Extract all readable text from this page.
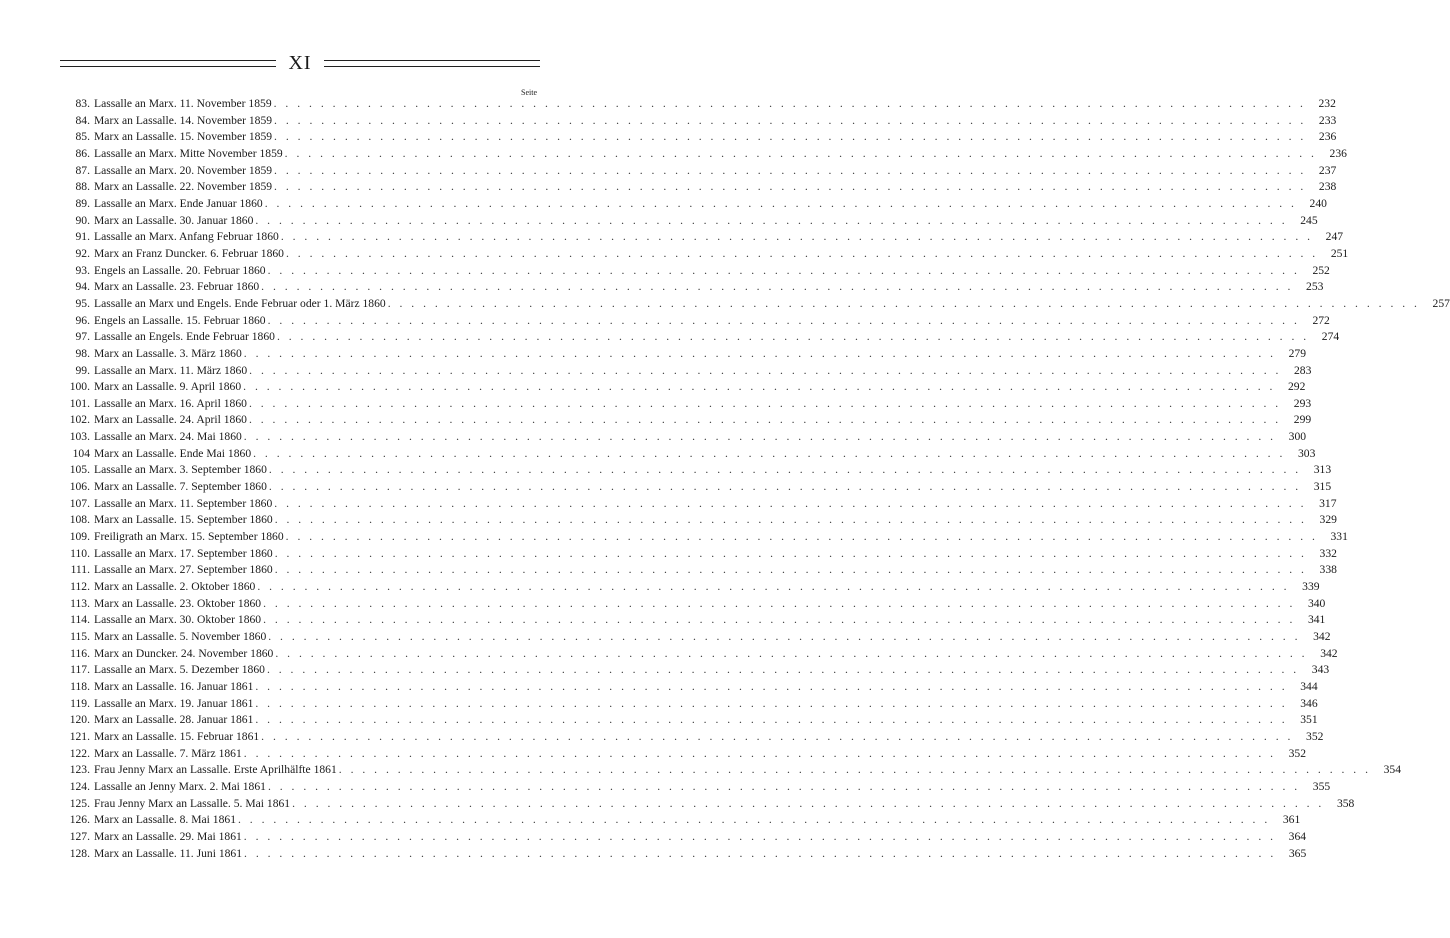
XI
Seite
83. Lassalle an Marx. 11. November 1859 . . .	232
84. Marx an Lassalle. 14. November 1859 . . .	233
85. Marx an Lassalle. 15. November 1859 . . .	236
86. Lassalle an Marx. Mitte November 1859 . . .	236
87. Lassalle an Marx. 20. November 1859 . . .	237
88. Marx an Lassalle. 22. November 1859 . . .	238
89. Lassalle an Marx. Ende Januar 1860 . . .	240
90. Marx an Lassalle. 30. Januar 1860 . . .	245
91. Lassalle an Marx. Anfang Februar 1860 . . .	247
92. Marx an Franz Duncker. 6. Februar 1860 . . .	251
93. Engels an Lassalle. 20. Februar 1860 . . .	252
94. Marx an Lassalle. 23. Februar 1860 . . .	253
95. Lassalle an Marx und Engels. Ende Februar oder 1. März 1860 . . .	257
96. Engels an Lassalle. 15. Februar 1860 . . .	272
97. Lassalle an Engels. Ende Februar 1860 . . .	274
98. Marx an Lassalle. 3. März 1860 . . .	279
99. Lassalle an Marx. 11. März 1860 . . .	283
100. Marx an Lassalle. 9. April 1860 . . .	292
101. Lassalle an Marx. 16. April 1860 . . .	293
102. Marx an Lassalle. 24. April 1860 . . .	299
103. Lassalle an Marx. 24. Mai 1860 . . .	300
104 Marx an Lassalle. Ende Mai 1860 . . .	303
105. Lassalle an Marx. 3. September 1860 . . .	313
106. Marx an Lassalle. 7. September 1860 . . .	315
107. Lassalle an Marx. 11. September 1860 . . .	317
108. Marx an Lassalle. 15. September 1860 . . .	329
109. Freiligrath an Marx. 15. September 1860 . . .	331
110. Lassalle an Marx. 17. September 1860 . . .	332
111. Lassalle an Marx. 27. September 1860 . . .	338
112. Marx an Lassalle. 2. Oktober 1860 . . .	339
113. Marx an Lassalle. 23. Oktober 1860 . . .	340
114. Lassalle an Marx. 30. Oktober 1860 . . .	341
115. Marx an Lassalle. 5. November 1860 . . .	342
116. Marx an Duncker. 24. November 1860 . . .	342
117. Lassalle an Marx. 5. Dezember 1860 . . .	343
118. Marx an Lassalle. 16. Januar 1861 . . .	344
119. Lassalle an Marx. 19. Januar 1861 . . .	346
120. Marx an Lassalle. 28. Januar 1861 . . .	351
121. Marx an Lassalle. 15. Februar 1861 . . .	352
122. Marx an Lassalle. 7. März 1861 . . .	352
123. Frau Jenny Marx an Lassalle. Erste Aprilhälfte 1861 . . .	354
124. Lassalle an Jenny Marx. 2. Mai 1861 . . .	355
125. Frau Jenny Marx an Lassalle. 5. Mai 1861 . . .	358
126. Marx an Lassalle. 8. Mai 1861 . . .	361
127. Marx an Lassalle. 29. Mai 1861 . . .	364
128. Marx an Lassalle. 11. Juni 1861 . . .	365
